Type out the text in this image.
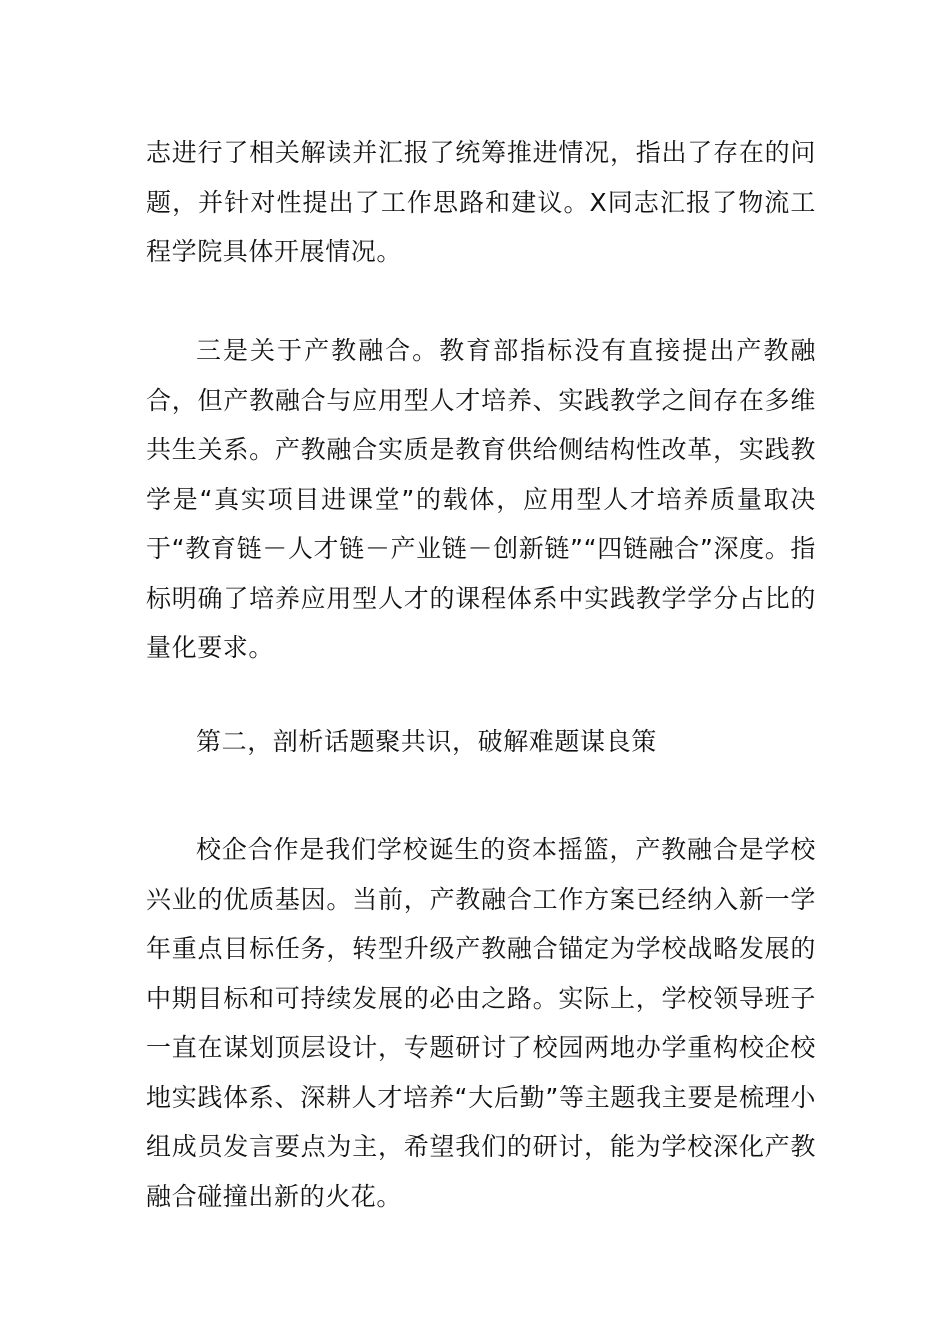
志进行了相关解读并汇报了统筹推进情况，指出了存在的问题，并针对性提出了工作思路和建议。X同志汇报了物流工程学院具体开展情况。

三是关于产教融合。教育部指标没有直接提出产教融合，但产教融合与应用型人才培养、实践教学之间存在多维共生关系。产教融合实质是教育供给侧结构性改革，实践教学是“真实项目进课堂”的载体，应用型人才培养质量取决于“教育链－人才链－产业链－创新链”“四链融合”深度。指标明确了培养应用型人才的课程体系中实践教学学分占比的量化要求。

第二，剖析话题聚共识，破解难题谋良策

校企合作是我们学校诞生的资本摇篮，产教融合是学校兴业的优质基因。当前，产教融合工作方案已经纳入新一学年重点目标任务，转型升级产教融合锚定为学校战略发展的中期目标和可持续发展的必由之路。实际上，学校领导班子一直在谋划顶层设计，专题研讨了校园两地办学重构校企校地实践体系、深耕人才培养“大后勤”等主题我主要是梳理小组成员发言要点为主，希望我们的研讨，能为学校深化产教融合碰撞出新的火花。
